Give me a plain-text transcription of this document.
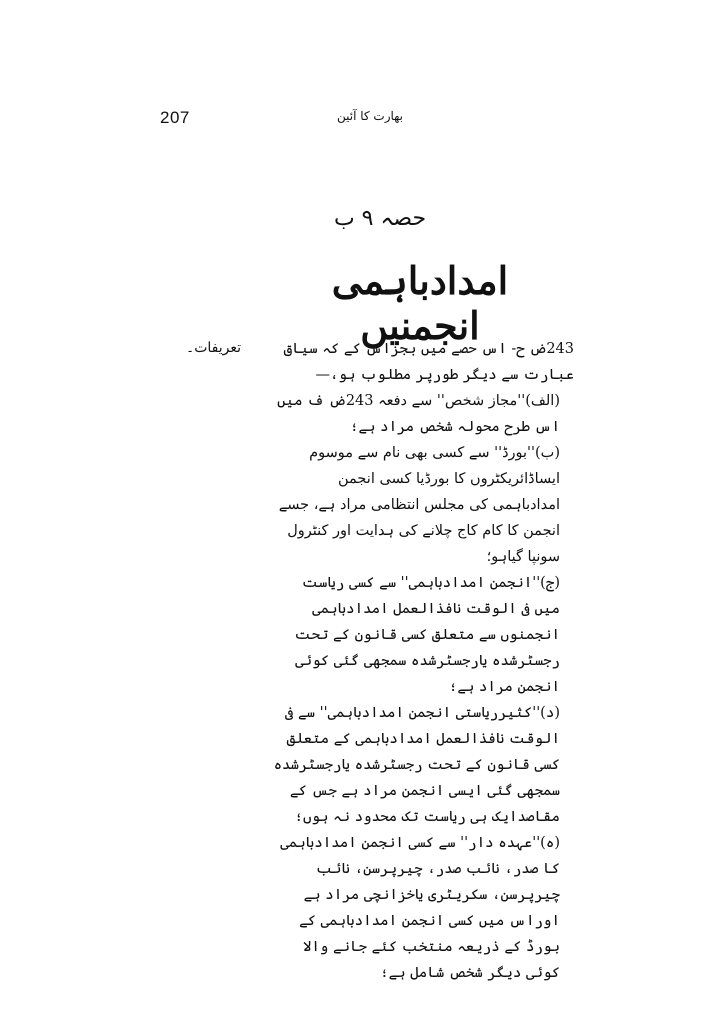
207	بھارت کا آئین
حصہ ۹ ب
امدادباہمی انجمنیں
تعریفات۔	243ض ح- اس حصے میں بجزاس کے کہ سیاق عبارت سے دیگر طورپر مطلوب ہو،—

(الف)''مجاز شخص'' سے دفعہ 243ض ف میں اس طرح محولہ شخص مراد ہے؛

(ب)''بورڈ'' سے کسی بھی نام سے موسوم ایساڈائریکٹروں کا بورڈیا کسی انجمن امدادباہمی کی مجلس انتظامی مراد ہے، جسے انجمن کا کام کاج چلانے کی ہدایت اور کنٹرول سونپا گیاہو؛

(ج)''انجمن امدادباہمی'' سے کسی ریاست میں فی الوقت نافذالعمل امدادباہمی انجمنوں سے متعلق کسی قانون کے تحت رجسٹرشدہ یارجسٹرشدہ سمجھی گئی کوئی انجمن مراد ہے؛

(د)''کثیرریاستی انجمن امدادباہمی'' سے فی الوقت نافذالعمل امدادباہمی کے متعلق کسی قانون کے تحت رجسٹرشدہ یارجسٹرشدہ سمجھی گئی ایسی انجمن مراد ہے جس کے مقاصدایک ہی ریاست تک محدود نہ ہوں؛

(ہ)''عہدہ دار'' سے کسی انجمن امدادباہمی کا صدر، نائب صدر، چیرپرسن، نائب چیرپرسن، سکریٹری یاخزانچی مراد ہے اوراس میں کسی انجمن امدادباہمی کے بورڈ کے ذریعہ منتخب کئے جانے والا کوئی دیگر شخص شامل ہے؛
